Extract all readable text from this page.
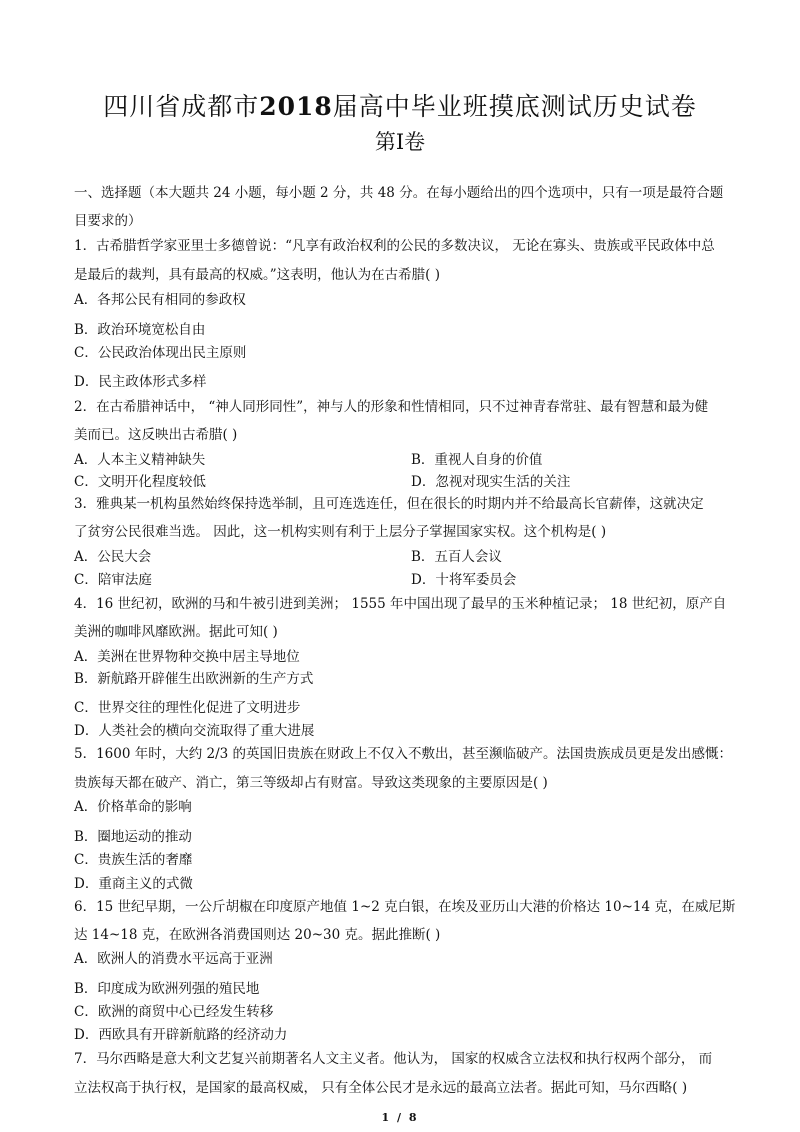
四川省成都市2018届高中毕业班摸底测试历史试卷
第Ⅰ卷
一、选择题（本大题共 24 小题，每小题 2 分，共 48 分。在每小题给出的四个选项中，只有一项是最符合题
目要求的）
1．古希腊哲学家亚里士多德曾说：“凡享有政治权利的公民的多数决议， 无论在寡头、贵族或平民政体中总
是最后的裁判，具有最高的权威。”这表明，他认为在古希腊( )
A．各邦公民有相同的参政权
B．政治环境宽松自由
C．公民政治体现出民主原则
D．民主政体形式多样
2．在古希腊神话中， “神人同形同性”，神与人的形象和性情相同，只不过神青春常驻、最有智慧和最为健
美而已。这反映出古希腊( )
A．人本主义精神缺失	B．重视人自身的价值
C．文明开化程度较低	D．忽视对现实生活的关注
3．雅典某一机构虽然始终保持选举制，且可连选连任，但在很长的时期内并不给最高长官薪俸，这就决定
了贫穷公民很难当选。 因此，这一机构实则有利于上层分子掌握国家实权。这个机构是( )
A．公民大会	B．五百人会议
C．陪审法庭	D．十将军委员会
4．16 世纪初，欧洲的马和牛被引进到美洲； 1555 年中国出现了最早的玉米种植记录； 18 世纪初，原产自
美洲的咖啡风靡欧洲。据此可知( )
A．美洲在世界物种交换中居主导地位
B．新航路开辟催生出欧洲新的生产方式
C．世界交往的理性化促进了文明进步
D．人类社会的横向交流取得了重大进展
5．1600 年时，大约 2/3 的英国旧贵族在财政上不仅入不敷出，甚至濒临破产。法国贵族成员更是发出感慨：
贵族每天都在破产、消亡，第三等级却占有财富。导致这类现象的主要原因是( )
A．价格革命的影响
B．圈地运动的推动
C．贵族生活的奢靡
D．重商主义的式微
6．15 世纪早期，一公斤胡椒在印度原产地值 1~2 克白银，在埃及亚历山大港的价格达 10~14 克，在威尼斯
达 14~18 克，在欧洲各消费国则达 20~30 克。据此推断( )
A．欧洲人的消费水平远高于亚洲
B．印度成为欧洲列强的殖民地
C．欧洲的商贸中心已经发生转移
D．西欧具有开辟新航路的经济动力
7．马尔西略是意大利文艺复兴前期著名人文主义者。他认为， 国家的权威含立法权和执行权两个部分， 而
立法权高于执行权，是国家的最高权威， 只有全体公民才是永远的最高立法者。据此可知，马尔西略( )
1 / 8
